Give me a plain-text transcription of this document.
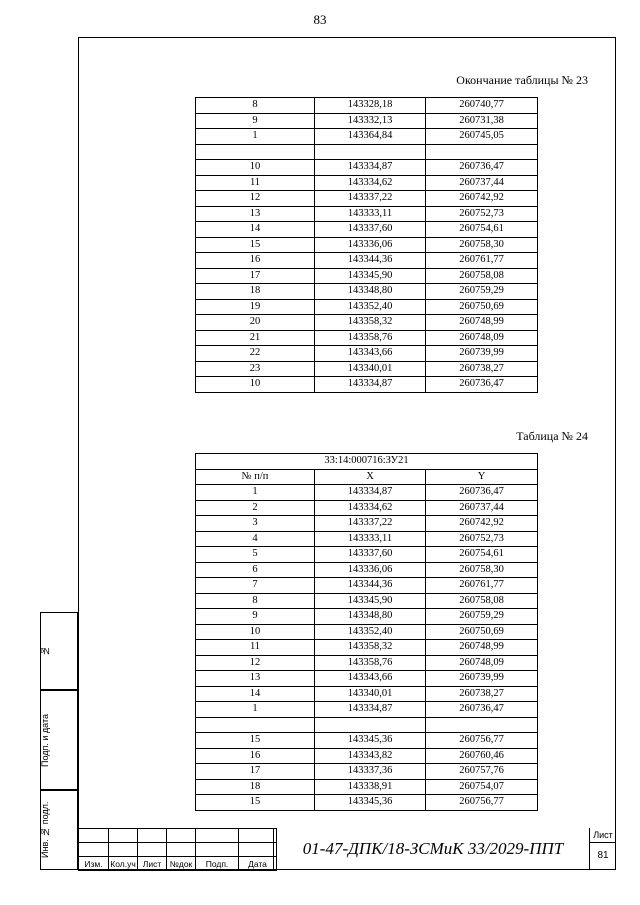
83
Окончание таблицы № 23
8	143328,18	260740,77
9	143332,13	260731,38
1	143364,84	260745,05

10	143334,87	260736,47
11	143334,62	260737,44
12	143337,22	260742,92
13	143333,11	260752,73
14	143337,60	260754,61
15	143336,06	260758,30
16	143344,36	260761,77
17	143345,90	260758,08
18	143348,80	260759,29
19	143352,40	260750,69
20	143358,32	260748,99
21	143358,76	260748,09
22	143343,66	260739,99
23	143340,01	260738,27
10	143334,87	260736,47
Таблица № 24
33:14:000716:ЗУ21		
№ п/п	X	Y
1	143334,87	260736,47
2	143334,62	260737,44
3	143337,22	260742,92
4	143333,11	260752,73
5	143337,60	260754,61
6	143336,06	260758,30
7	143344,36	260761,77
8	143345,90	260758,08
9	143348,80	260759,29
10	143352,40	260750,69
11	143358,32	260748,99
12	143358,76	260748,09
13	143343,66	260739,99
14	143340,01	260738,27
1	143334,87	260736,47

15	143345,36	260756,77
16	143343,82	260760,46
17	143337,36	260757,76
18	143338,91	260754,07
15	143345,36	260756,77
№
Подп. и дата
Инв. № подл.

Изм.	Кол.уч	Лист	№док	Подп.	Дата
01-47-ДПК/18-ЗСМиК 33/2029-ППТ
Лист
81
